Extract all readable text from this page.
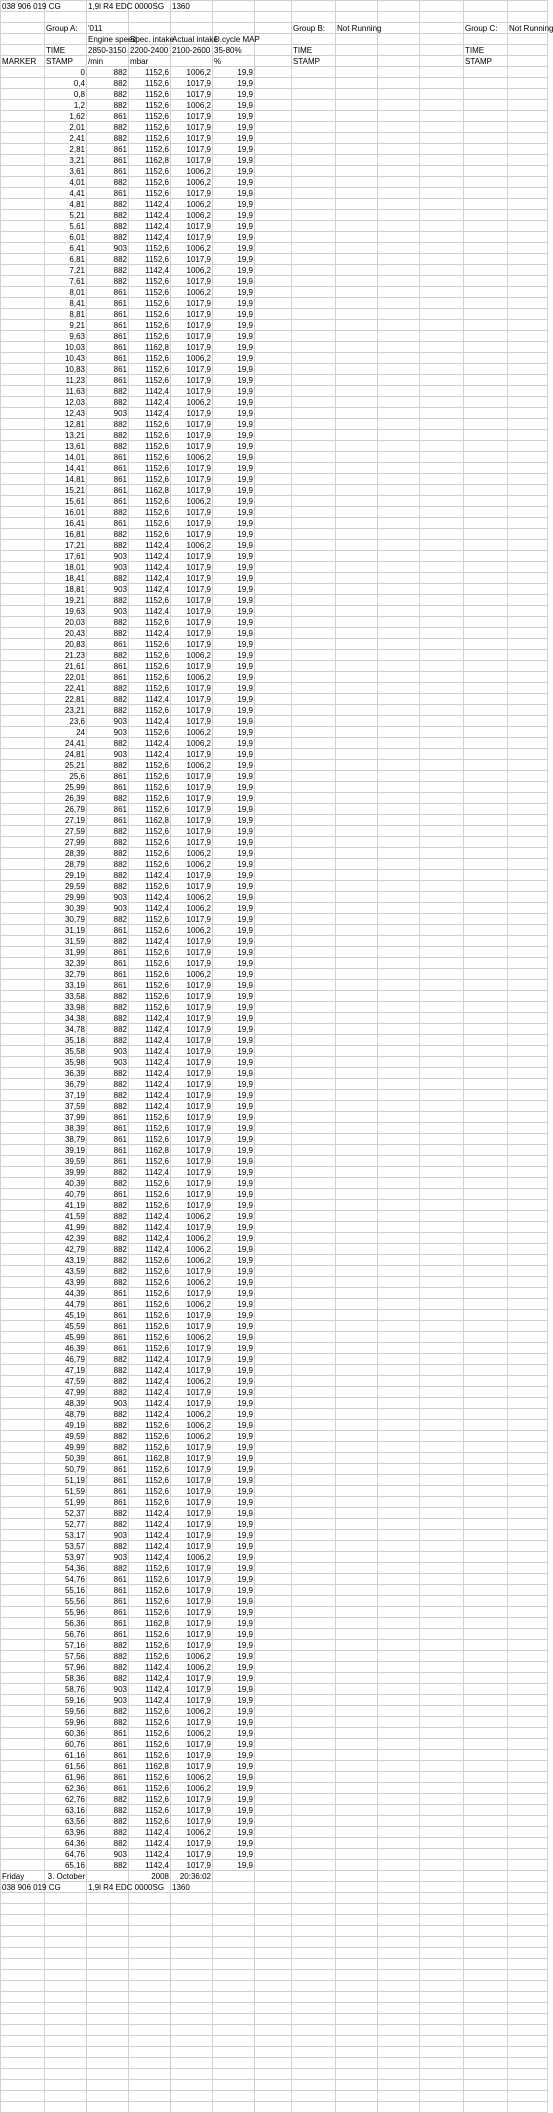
038 906 019 CG		1,9l R4 EDC 0000SG		1360								

	Group A:	'011					Group B:	Not Running			Group C:	Not Running
		Engine speed	Spec. intake	Actual intake	D.cycle MAP							
	TIME	2850-3150	2200-2400	2100-2600	35-80%		TIME				TIME	
MARKER	STAMP	/min	mbar		%		STAMP				STAMP	
	0	882	1152,6	1006,2	19,9							
	0,4	882	1152,6	1017,9	19,9							
	0,8	882	1152,6	1017,9	19,9							
	1,2	882	1152,6	1006,2	19,9							
	1,62	861	1152,6	1017,9	19,9							
	2,01	882	1152,6	1017,9	19,9							
	2,41	882	1152,6	1017,9	19,9							
	2,81	861	1152,6	1017,9	19,9							
	3,21	861	1162,8	1017,9	19,9							
	3,61	861	1152,6	1006,2	19,9							
	4,01	882	1152,6	1006,2	19,9							
	4,41	861	1152,6	1017,9	19,9							
	4,81	882	1142,4	1006,2	19,9							
	5,21	882	1142,4	1006,2	19,9							
	5,61	882	1142,4	1017,9	19,9							
	6,01	882	1142,4	1017,9	19,9							
	6,41	903	1152,6	1006,2	19,9							
	6,81	882	1152,6	1017,9	19,9							
	7,21	882	1142,4	1006,2	19,9							
	7,61	882	1152,6	1017,9	19,9							
	8,01	861	1152,6	1006,2	19,9							
	8,41	861	1152,6	1017,9	19,9							
	8,81	861	1152,6	1017,9	19,9							
	9,21	861	1152,6	1017,9	19,9							
	9,63	861	1152,6	1017,9	19,9							
	10,03	861	1162,8	1017,9	19,9							
	10,43	861	1152,6	1006,2	19,9							
	10,83	861	1152,6	1017,9	19,9							
	11,23	861	1152,6	1017,9	19,9							
	11,63	882	1142,4	1017,9	19,9							
	12,03	882	1142,4	1006,2	19,9							
	12,43	903	1142,4	1017,9	19,9							
	12,81	882	1152,6	1017,9	19,9							
	13,21	882	1152,6	1017,9	19,9							
	13,61	882	1152,6	1017,9	19,9							
	14,01	861	1152,6	1006,2	19,9							
	14,41	861	1152,6	1017,9	19,9							
	14,81	861	1152,6	1017,9	19,9							
	15,21	861	1162,8	1017,9	19,9							
	15,61	861	1152,6	1006,2	19,9							
	16,01	882	1152,6	1017,9	19,9							
	16,41	861	1152,6	1017,9	19,9							
	16,81	882	1152,6	1017,9	19,9							
	17,21	882	1142,4	1006,2	19,9							
	17,61	903	1142,4	1017,9	19,9							
	18,01	903	1142,4	1017,9	19,9							
	18,41	882	1142,4	1017,9	19,9							
	18,81	903	1142,4	1017,9	19,9							
	19,21	882	1152,6	1017,9	19,9							
	19,63	903	1142,4	1017,9	19,9							
	20,03	882	1152,6	1017,9	19,9							
	20,43	882	1142,4	1017,9	19,9							
	20,83	861	1152,6	1017,9	19,9							
	21,23	882	1152,6	1006,2	19,9							
	21,61	861	1152,6	1017,9	19,9							
	22,01	861	1152,6	1006,2	19,9							
	22,41	882	1152,6	1017,9	19,9							
	22,81	882	1142,4	1017,9	19,9							
	23,21	882	1152,6	1017,9	19,9							
	23,6	903	1142,4	1017,9	19,9							
	24	903	1152,6	1006,2	19,9							
	24,41	882	1142,4	1006,2	19,9							
	24,81	903	1142,4	1017,9	19,9							
	25,21	882	1152,6	1006,2	19,9							
	25,6	861	1152,6	1017,9	19,9							
	25,99	861	1152,6	1017,9	19,9							
	26,39	882	1152,6	1017,9	19,9							
	26,79	861	1152,6	1017,9	19,9							
	27,19	861	1162,8	1017,9	19,9							
	27,59	882	1152,6	1017,9	19,9							
	27,99	882	1152,6	1017,9	19,9							
	28,39	882	1152,6	1006,2	19,9							
	28,79	882	1152,6	1006,2	19,9							
	29,19	882	1142,4	1017,9	19,9							
	29,59	882	1152,6	1017,9	19,9							
	29,99	903	1142,4	1006,2	19,9							
	30,39	903	1142,4	1006,2	19,9							
	30,79	882	1152,6	1017,9	19,9							
	31,19	861	1152,6	1006,2	19,9							
	31,59	882	1142,4	1017,9	19,9							
	31,99	861	1152,6	1017,9	19,9							
	32,39	861	1152,6	1017,9	19,9							
	32,79	861	1152,6	1006,2	19,9							
	33,19	861	1152,6	1017,9	19,9							
	33,58	882	1152,6	1017,9	19,9							
	33,98	882	1152,6	1017,9	19,9							
	34,38	882	1142,4	1017,9	19,9							
	34,78	882	1142,4	1017,9	19,9							
	35,18	882	1142,4	1017,9	19,9							
	35,58	903	1142,4	1017,9	19,9							
	35,98	903	1142,4	1017,9	19,9							
	36,39	882	1142,4	1017,9	19,9							
	36,79	882	1142,4	1017,9	19,9							
	37,19	882	1142,4	1017,9	19,9							
	37,59	882	1142,4	1017,9	19,9							
	37,99	861	1152,6	1017,9	19,9							
	38,39	861	1152,6	1017,9	19,9							
	38,79	861	1152,6	1017,9	19,9							
	39,19	861	1162,8	1017,9	19,9							
	39,59	861	1152,6	1017,9	19,9							
	39,99	882	1142,4	1017,9	19,9							
	40,39	882	1152,6	1017,9	19,9							
	40,79	861	1152,6	1017,9	19,9							
	41,19	882	1152,6	1017,9	19,9							
	41,59	882	1142,4	1006,2	19,9							
	41,99	882	1142,4	1017,9	19,9							
	42,39	882	1142,4	1006,2	19,9							
	42,79	882	1142,4	1006,2	19,9							
	43,19	882	1152,6	1006,2	19,9							
	43,59	882	1152,6	1017,9	19,9							
	43,99	882	1152,6	1006,2	19,9							
	44,39	861	1152,6	1017,9	19,9							
	44,79	861	1152,6	1006,2	19,9							
	45,19	861	1152,6	1017,9	19,9							
	45,59	861	1152,6	1017,9	19,9							
	45,99	861	1152,6	1006,2	19,9							
	46,39	861	1152,6	1017,9	19,9							
	46,79	882	1142,4	1017,9	19,9							
	47,19	882	1142,4	1017,9	19,9							
	47,59	882	1142,4	1006,2	19,9							
	47,99	882	1142,4	1017,9	19,9							
	48,39	903	1142,4	1017,9	19,9							
	48,79	882	1142,4	1006,2	19,9							
	49,19	882	1152,6	1006,2	19,9							
	49,59	882	1152,6	1006,2	19,9							
	49,99	882	1152,6	1017,9	19,9							
	50,39	861	1162,8	1017,9	19,9							
	50,79	861	1152,6	1017,9	19,9							
	51,19	861	1152,6	1017,9	19,9							
	51,59	861	1152,6	1017,9	19,9							
	51,99	861	1152,6	1017,9	19,9							
	52,37	882	1142,4	1017,9	19,9							
	52,77	882	1142,4	1017,9	19,9							
	53,17	903	1142,4	1017,9	19,9							
	53,57	882	1142,4	1017,9	19,9							
	53,97	903	1142,4	1006,2	19,9							
	54,36	882	1152,6	1017,9	19,9							
	54,76	861	1152,6	1017,9	19,9							
	55,16	861	1152,6	1017,9	19,9							
	55,56	861	1152,6	1017,9	19,9							
	55,96	861	1152,6	1017,9	19,9							
	56,36	861	1162,8	1017,9	19,9							
	56,76	861	1152,6	1017,9	19,9							
	57,16	882	1152,6	1017,9	19,9							
	57,56	882	1152,6	1006,2	19,9							
	57,96	882	1142,4	1006,2	19,9							
	58,36	882	1142,4	1017,9	19,9							
	58,76	903	1142,4	1017,9	19,9							
	59,16	903	1142,4	1017,9	19,9							
	59,56	882	1152,6	1006,2	19,9							
	59,96	882	1152,6	1017,9	19,9							
	60,36	861	1152,6	1006,2	19,9							
	60,76	861	1152,6	1017,9	19,9							
	61,16	861	1152,6	1017,9	19,9							
	61,56	861	1162,8	1017,9	19,9							
	61,96	861	1152,6	1006,2	19,9							
	62,36	861	1152,6	1006,2	19,9							
	62,76	882	1152,6	1017,9	19,9							
	63,16	882	1152,6	1017,9	19,9							
	63,56	882	1152,6	1017,9	19,9							
	63,96	882	1142,4	1006,2	19,9							
	64,36	882	1142,4	1017,9	19,9							
	64,76	903	1142,4	1017,9	19,9							
	65,16	882	1142,4	1017,9	19,9							
Friday	3. October		2008	20:36:02								
038 906 019 CG		1,9l R4 EDC 0000SG		1360								
